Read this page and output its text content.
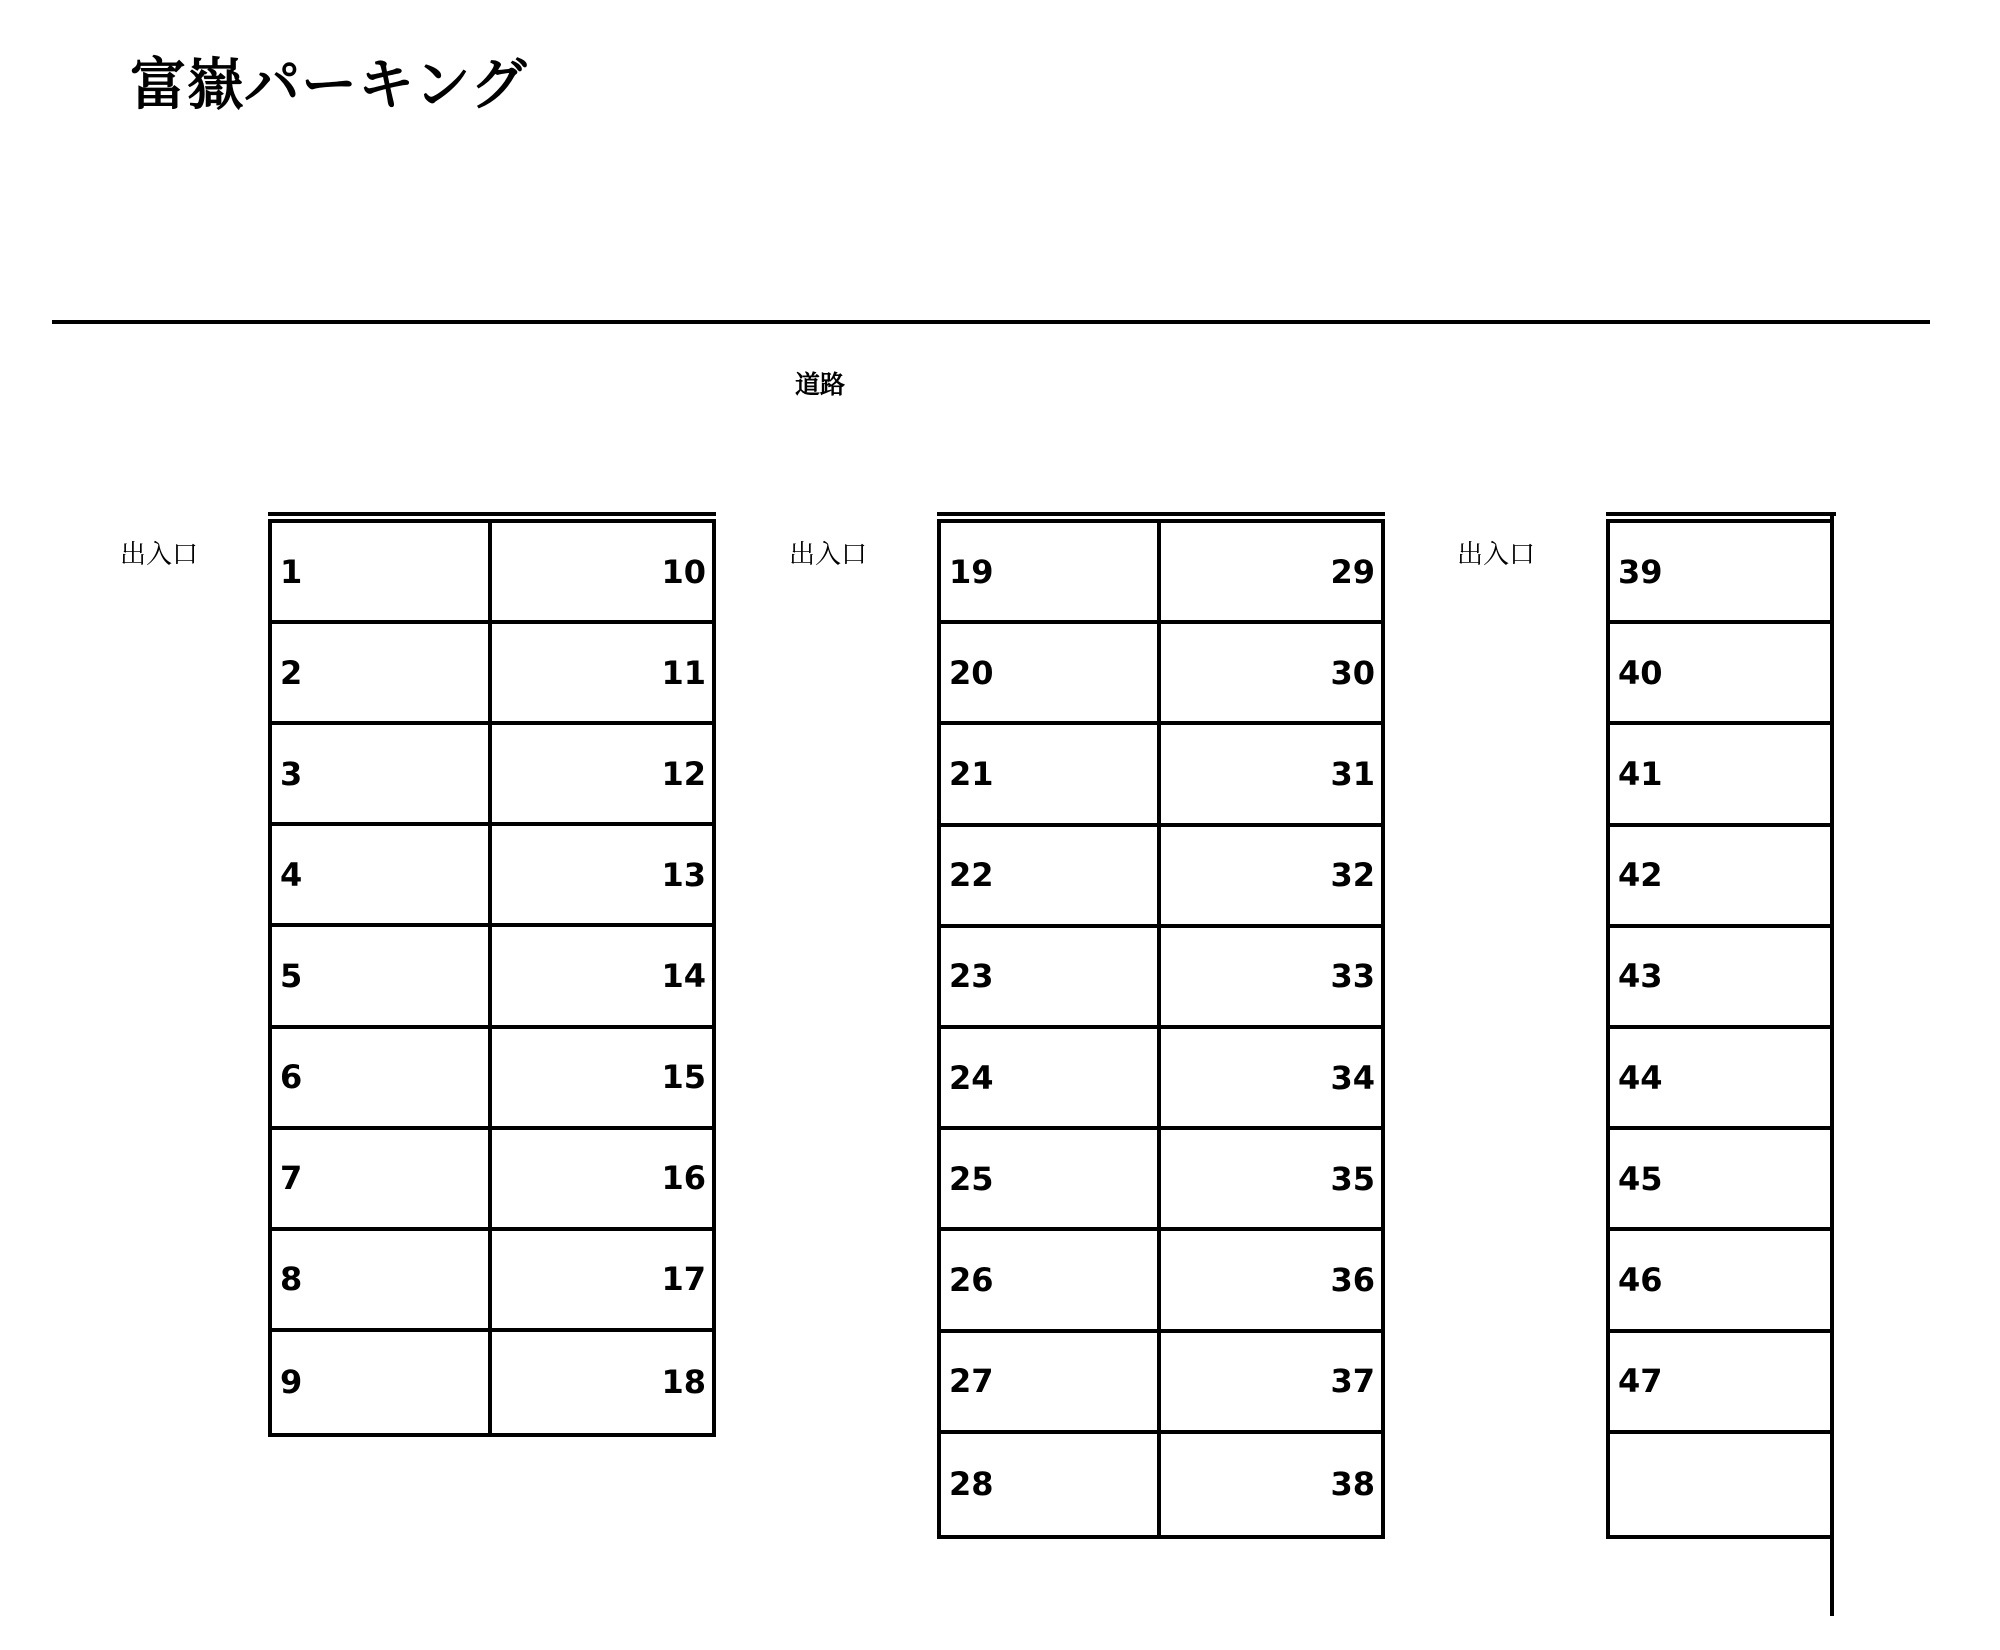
富嶽パーキング
道路
出入口	出入口	出入口
1	10
2	11
3	12
4	13
5	14
6	15
7	16
8	17
9	18
19	29
20	30
21	31
22	32
23	33
24	34
25	35
26	36
27	37
28	38
39
40
41
42
43
44
45
46
47
